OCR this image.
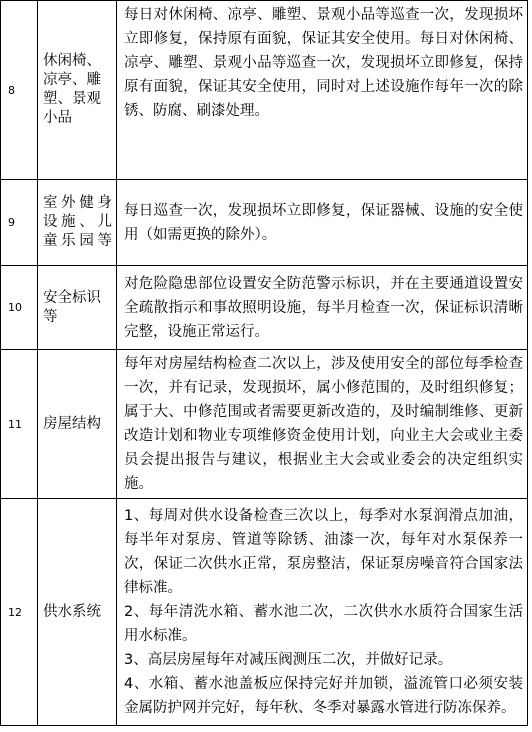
8	休闲椅、凉亭、雕塑、景观小品	每日对休闲椅、凉亭、雕塑、景观小品等巡查一次，发现损坏立即修复，保持原有面貌，保证其安全使用。每日对休闲椅、凉亭、雕塑、景观小品等巡查一次，发现损坏立即修复，保持原有面貌，保证其安全使用，同时对上述设施作每年一次的除锈、防腐、刷漆处理。

9	室外健身设施、儿童乐园等	每日巡查一次，发现损坏立即修复，保证器械、设施的安全使用（如需更换的除外）。

10	安全标识等	对危险隐患部位设置安全防范警示标识，并在主要通道设置安全疏散指示和事故照明设施，每半月检查一次，保证标识清晰完整，设施正常运行。

11	房屋结构	每年对房屋结构检查二次以上，涉及使用安全的部位每季检查一次，并有记录，发现损坏，属小修范围的，及时组织修复；属于大、中修范围或者需要更新改造的，及时编制维修、更新改造计划和物业专项维修资金使用计划，向业主大会或业主委员会提出报告与建议，根据业主大会或业委会的决定组织实施。

12	供水系统	1、每周对供水设备检查三次以上，每季对水泵润滑点加油，每半年对泵房、管道等除锈、油漆一次，每年对水泵保养一次，保证二次供水正常，泵房整洁，保证泵房噪音符合国家法律标准。
2、每年清洗水箱、蓄水池二次，二次供水水质符合国家生活用水标准。
3、高层房屋每年对减压阀测压二次，并做好记录。
4、水箱、蓄水池盖板应保持完好并加锁，溢流管口必须安装金属防护网并完好，每年秋、冬季对暴露水管进行防冻保养。
